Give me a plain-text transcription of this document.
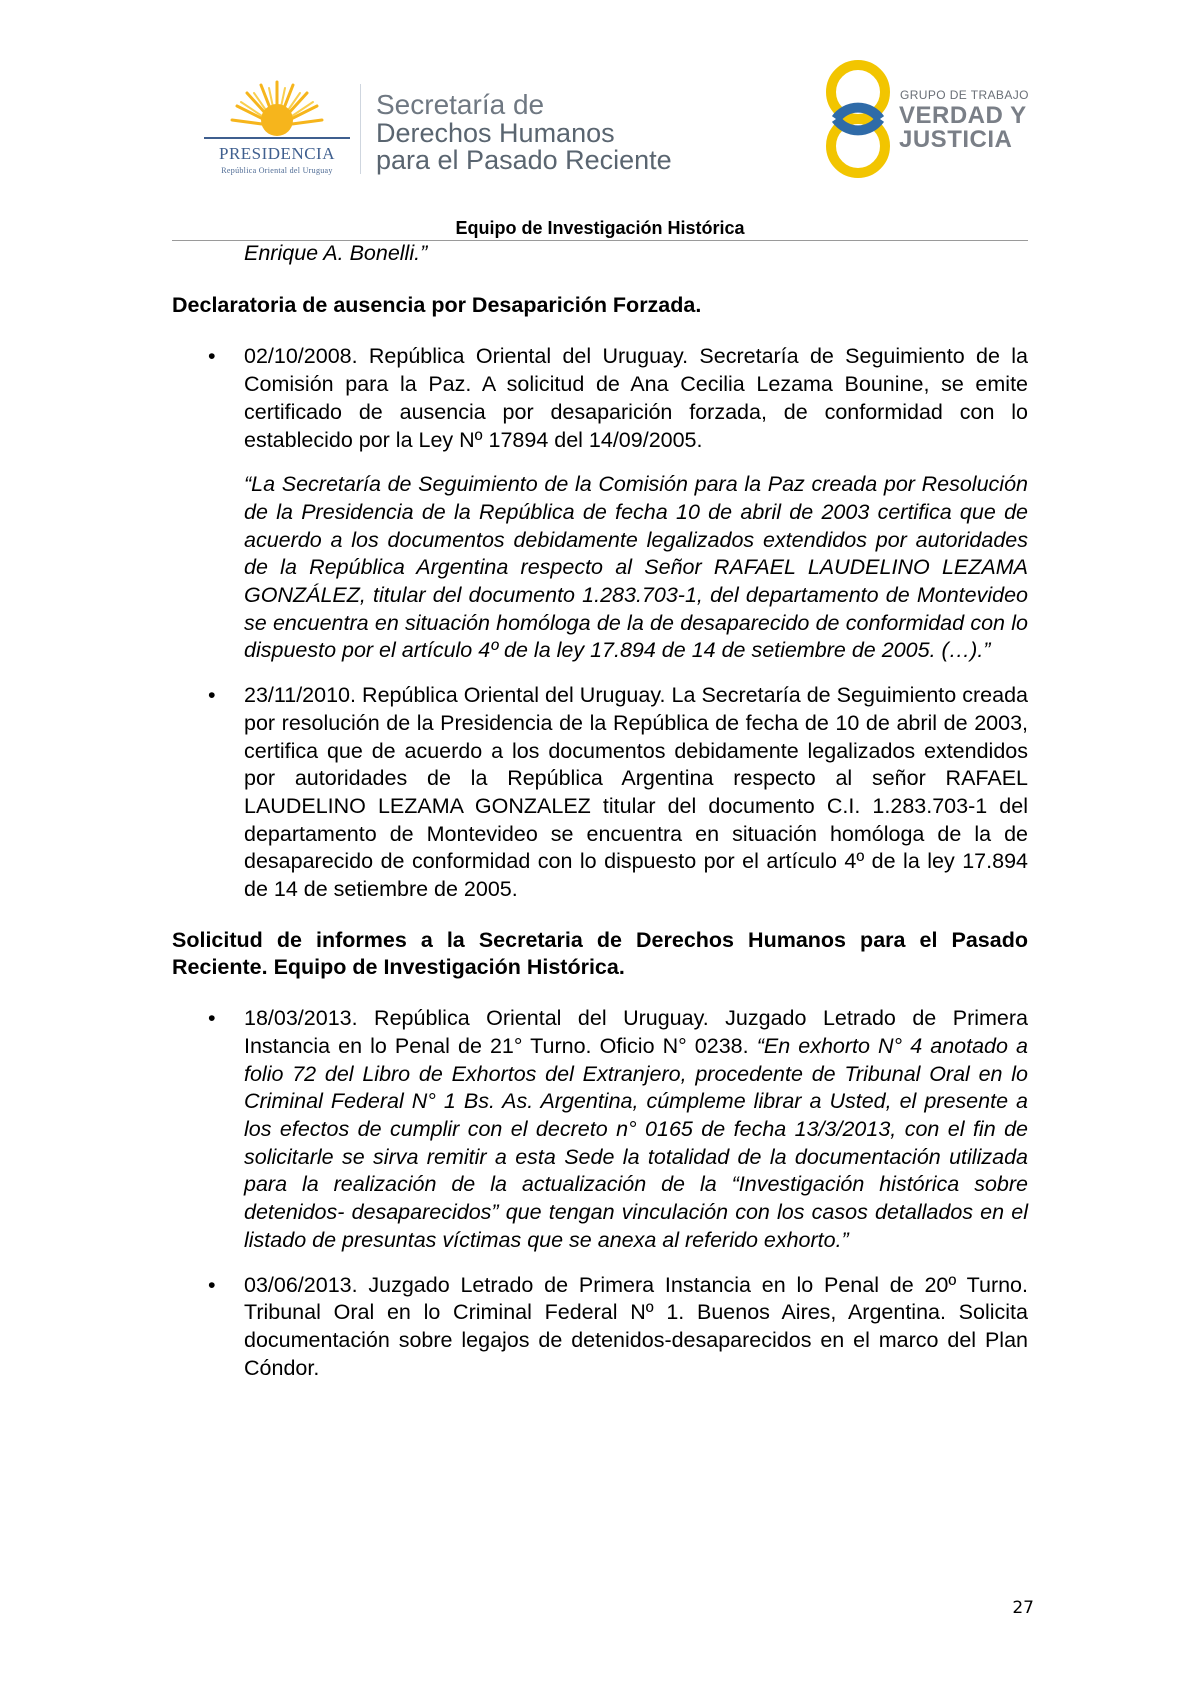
PRESIDENCIA
República Oriental del Uruguay
Secretaría de
Derechos Humanos
para el Pasado Reciente
GRUPO DE TRABAJO
VERDAD Y
JUSTICIA
Equipo de Investigación Histórica

Enrique A. Bonelli.”

Declaratoria de ausencia por Desaparición Forzada.

• 02/10/2008. República Oriental del Uruguay. Secretaría de Seguimiento de la Comisión para la Paz. A solicitud de Ana Cecilia Lezama Bounine, se emite certificado de ausencia por desaparición forzada, de conformidad con lo establecido por la Ley Nº 17894 del 14/09/2005.

“La Secretaría de Seguimiento de la Comisión para la Paz creada por Resolución de la Presidencia de la República de fecha 10 de abril de 2003 certifica que de acuerdo a los documentos debidamente legalizados extendidos por autoridades de la República Argentina respecto al Señor RAFAEL LAUDELINO LEZAMA GONZÁLEZ, titular del documento 1.283.703-1, del departamento de Montevideo se encuentra en situación homóloga de la de desaparecido de conformidad con lo dispuesto por el artículo 4º de la ley 17.894 de 14 de setiembre de 2005. (…).”

• 23/11/2010. República Oriental del Uruguay. La Secretaría de Seguimiento creada por resolución de la Presidencia de la República de fecha de 10 de abril de 2003, certifica que de acuerdo a los documentos debidamente legalizados extendidos por autoridades de la República Argentina respecto al señor RAFAEL LAUDELINO LEZAMA GONZALEZ titular del documento C.I. 1.283.703-1 del departamento de Montevideo se encuentra en situación homóloga de la de desaparecido de conformidad con lo dispuesto por el artículo 4º de la ley 17.894 de 14 de setiembre de 2005.

Solicitud de informes a la Secretaria de Derechos Humanos para el Pasado Reciente. Equipo de Investigación Histórica.

• 18/03/2013. República Oriental del Uruguay. Juzgado Letrado de Primera Instancia en lo Penal de 21° Turno. Oficio N° 0238. “En exhorto N° 4 anotado a folio 72 del Libro de Exhortos del Extranjero, procedente de Tribunal Oral en lo Criminal Federal N° 1 Bs. As. Argentina, cúmpleme librar a Usted, el presente a los efectos de cumplir con el decreto n° 0165 de fecha 13/3/2013, con el fin de solicitarle se sirva remitir a esta Sede la totalidad de la documentación utilizada para la realización de la actualización de la “Investigación histórica sobre detenidos- desaparecidos” que tengan vinculación con los casos detallados en el listado de presuntas víctimas que se anexa al referido exhorto.”
• 03/06/2013. Juzgado Letrado de Primera Instancia en lo Penal de 20º Turno. Tribunal Oral en lo Criminal Federal Nº 1. Buenos Aires, Argentina. Solicita documentación sobre legajos de detenidos-desaparecidos en el marco del Plan Cóndor.
27
